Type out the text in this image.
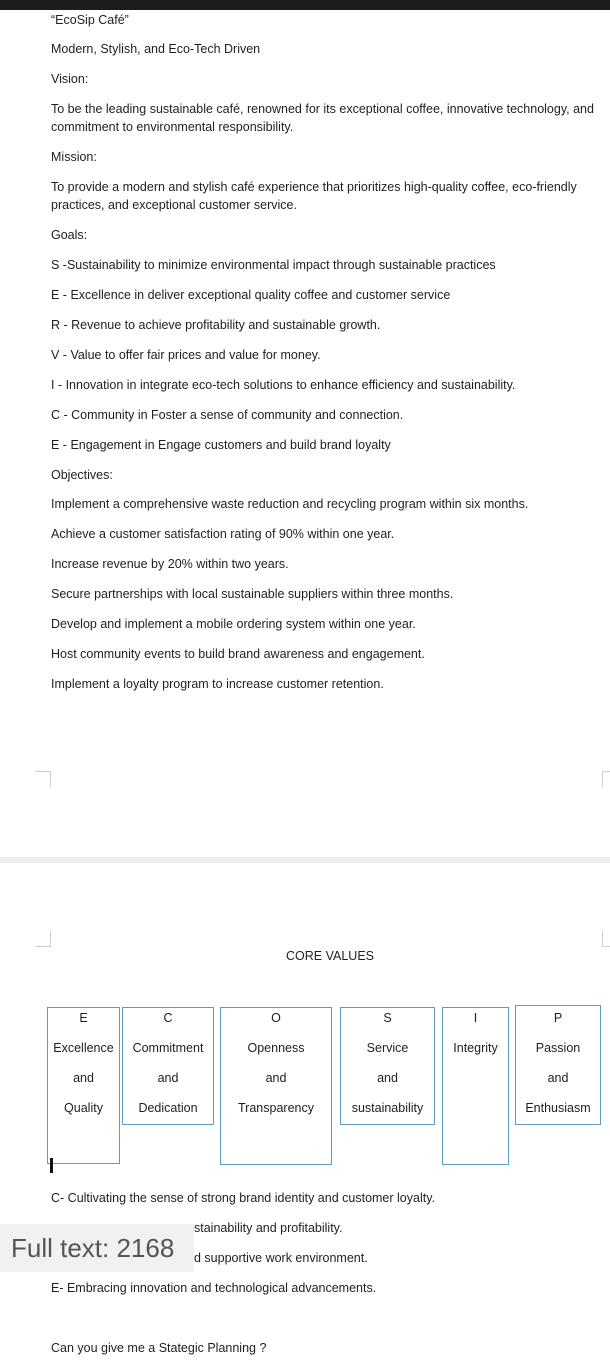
“EcoSip Café”
Modern, Stylish, and Eco-Tech Driven
Vision:
To be the leading sustainable café, renowned for its exceptional coffee, innovative technology, and commitment to environmental responsibility.
Mission:
To provide a modern and stylish café experience that prioritizes high-quality coffee, eco-friendly practices, and exceptional customer service.
Goals:
S -Sustainability to minimize environmental impact through sustainable practices
E - Excellence in deliver exceptional quality coffee and customer service
R - Revenue to achieve profitability and sustainable growth.
V - Value to offer fair prices and value for money.
I - Innovation in integrate eco-tech solutions to enhance efficiency and sustainability.
C - Community in Foster a sense of community and connection.
E - Engagement in Engage customers and build brand loyalty
Objectives:
Implement a comprehensive waste reduction and recycling program within six months.
Achieve a customer satisfaction rating of 90% within one year.
Increase revenue by 20% within two years.
Secure partnerships with local sustainable suppliers within three months.
Develop and implement a mobile ordering system within one year.
Host community events to build brand awareness and engagement.
Implement a loyalty program to increase customer retention.
CORE VALUES
E
Excellence
and
Quality
C
Commitment
and
Dedication
O
Openness
and
Transparency
S
Service
and
sustainability
I
Integrity
P
Passion
and
Enthusiasm
C- Cultivating the sense of strong brand identity and customer loyalty.
stainability and profitability.
d supportive work environment.
E- Embracing innovation and technological advancements.
Can you give me a Stategic Planning ?
Full text: 2168
